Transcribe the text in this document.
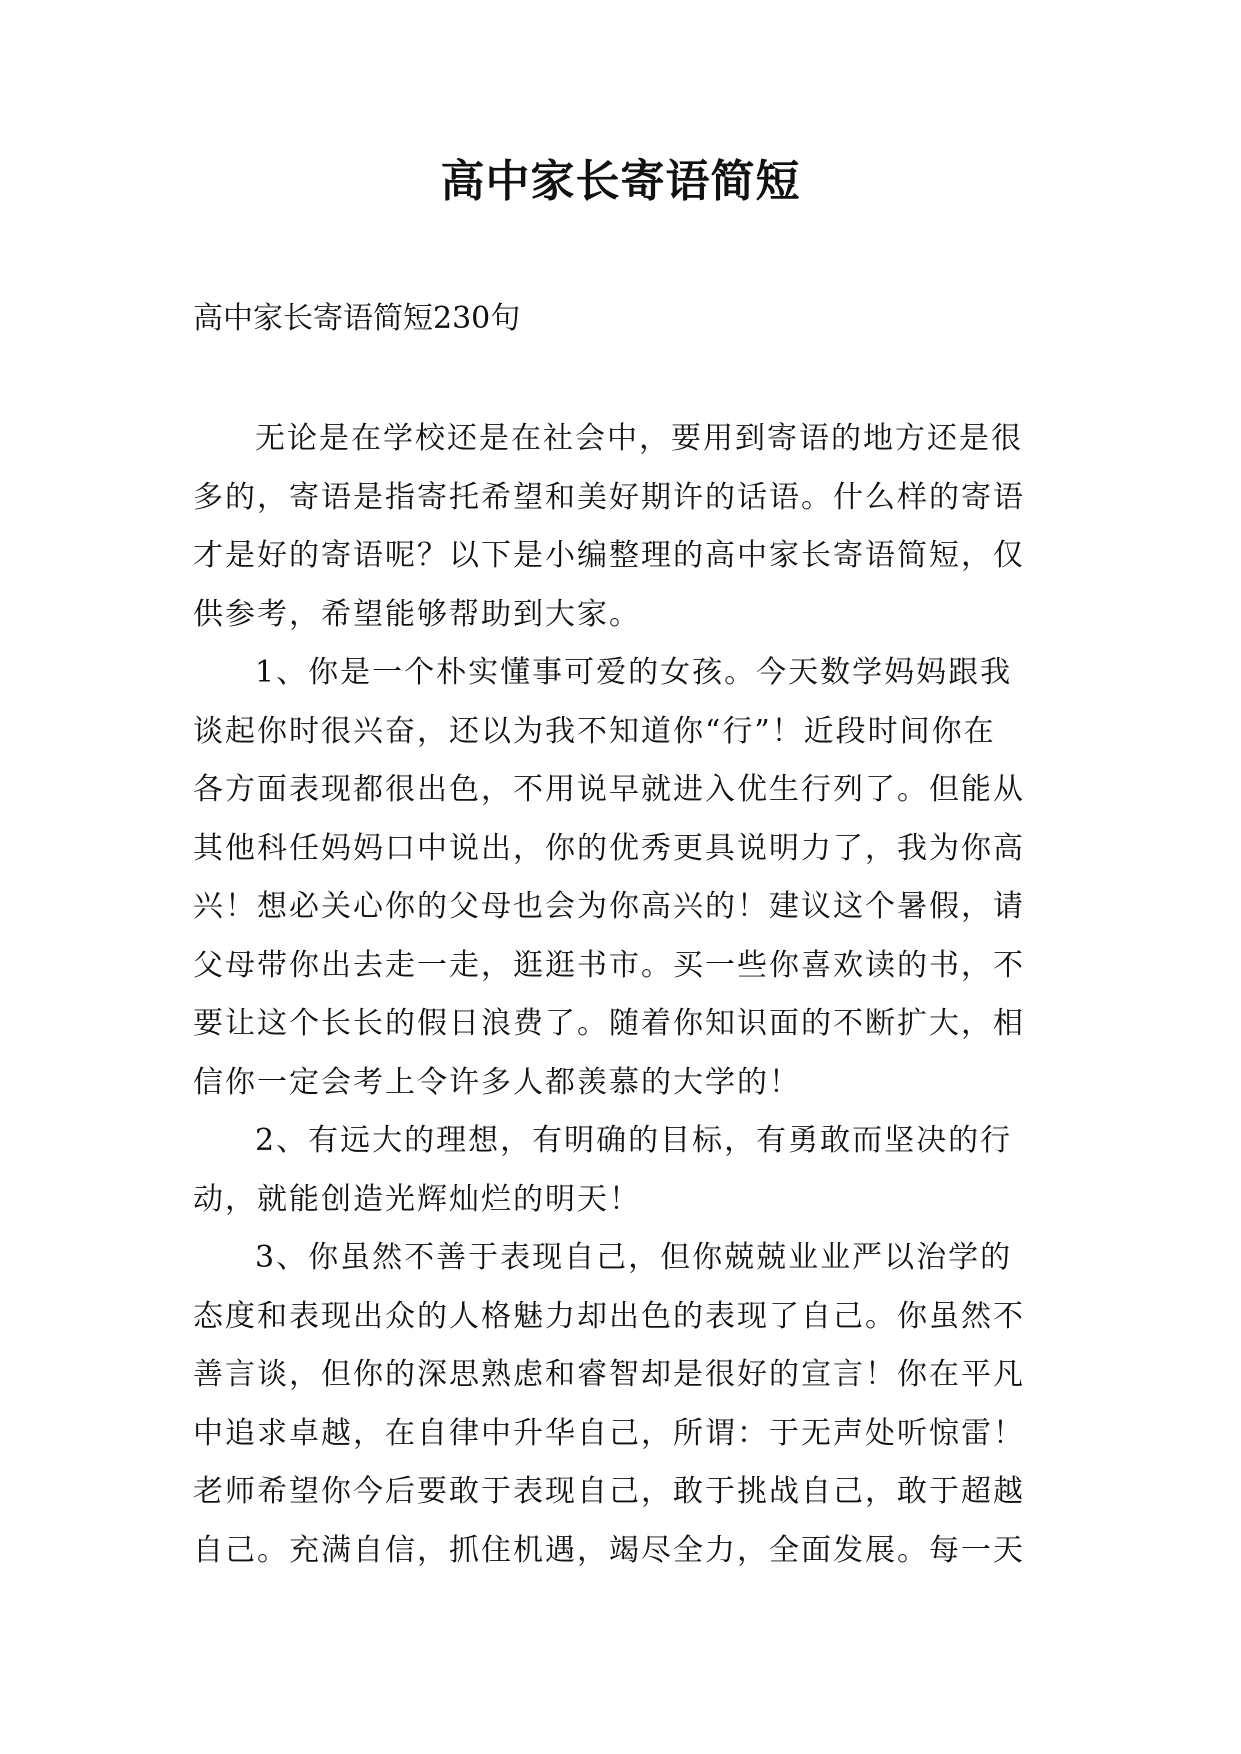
高中家长寄语简短

高中家长寄语简短230句

无论是在学校还是在社会中，要用到寄语的地方还是很

多的，寄语是指寄托希望和美好期许的话语。什么样的寄语

才是好的寄语呢？以下是小编整理的高中家长寄语简短，仅

供参考，希望能够帮助到大家。

1、你是一个朴实懂事可爱的女孩。今天数学妈妈跟我

谈起你时很兴奋，还以为我不知道你“行”！近段时间你在

各方面表现都很出色，不用说早就进入优生行列了。但能从

其他科任妈妈口中说出，你的优秀更具说明力了，我为你高

兴！想必关心你的父母也会为你高兴的！建议这个暑假，请

父母带你出去走一走，逛逛书市。买一些你喜欢读的书，不

要让这个长长的假日浪费了。随着你知识面的不断扩大，相

信你一定会考上令许多人都羡慕的大学的！

2、有远大的理想，有明确的目标，有勇敢而坚决的行

动，就能创造光辉灿烂的明天！

3、你虽然不善于表现自己，但你兢兢业业严以治学的

态度和表现出众的人格魅力却出色的表现了自己。你虽然不

善言谈，但你的深思熟虑和睿智却是很好的宣言！你在平凡

中追求卓越，在自律中升华自己，所谓：于无声处听惊雷！

老师希望你今后要敢于表现自己，敢于挑战自己，敢于超越

自己。充满自信，抓住机遇，竭尽全力，全面发展。每一天
